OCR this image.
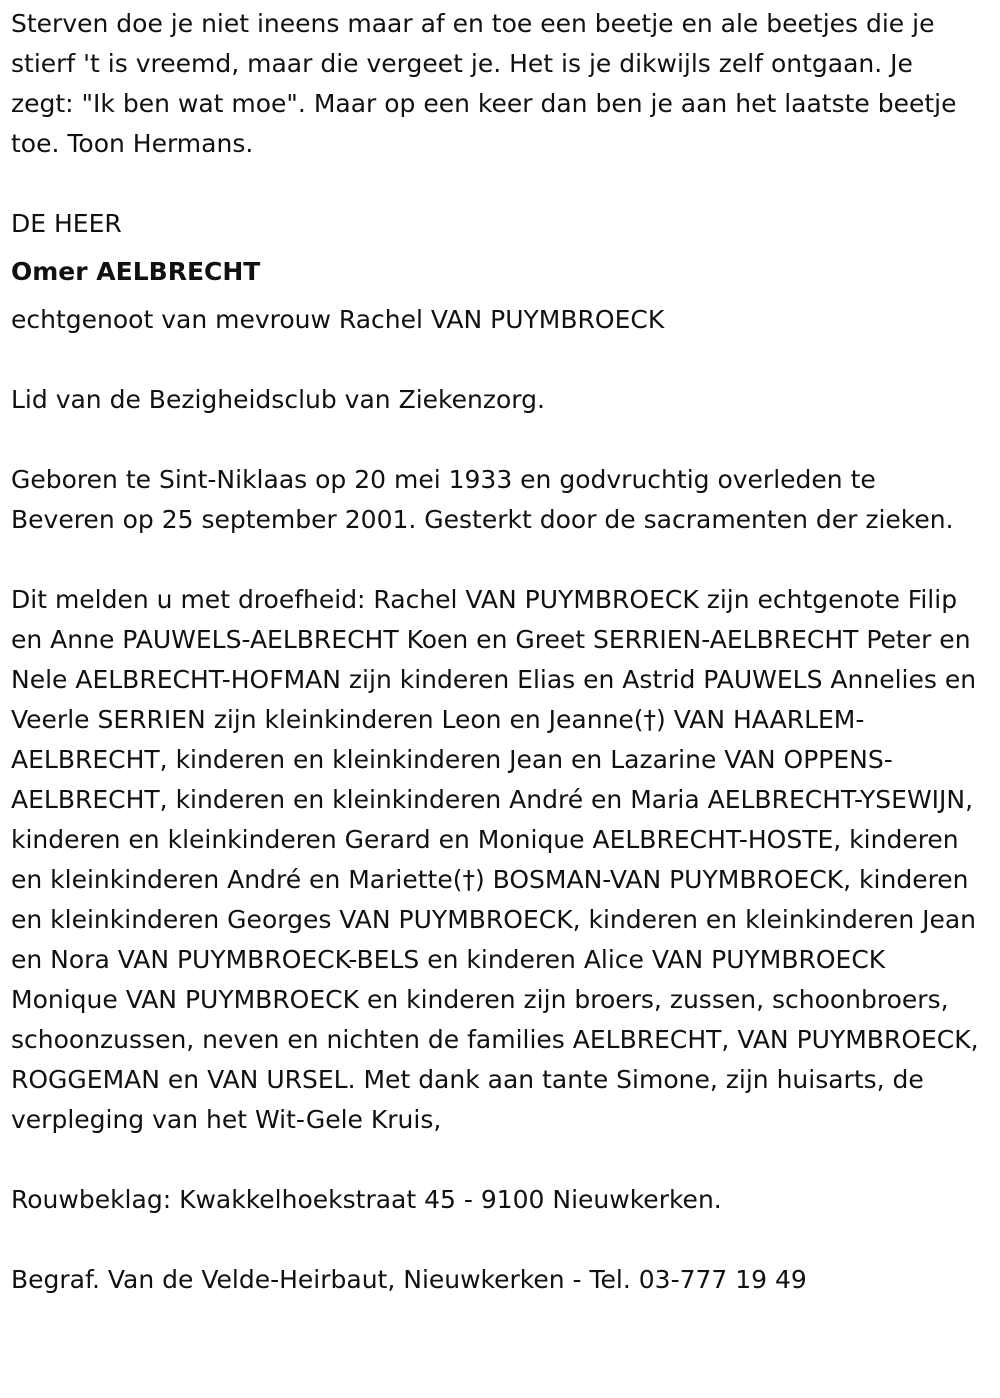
Sterven doe je niet ineens maar af en toe een beetje en ale beetjes die je stierf 't is vreemd, maar die vergeet je. Het is je dikwijls zelf ontgaan. Je zegt: "Ik ben wat moe". Maar op een keer dan ben je aan het laatste beetje toe. Toon Hermans.

DE HEER

Omer AELBRECHT

echtgenoot van mevrouw Rachel VAN PUYMBROECK

Lid van de Bezigheidsclub van Ziekenzorg.

Geboren te Sint-Niklaas op 20 mei 1933 en godvruchtig overleden te Beveren op 25 september 2001. Gesterkt door de sacramenten der zieken.

Dit melden u met droefheid: Rachel VAN PUYMBROECK zijn echtgenote Filip en Anne PAUWELS-AELBRECHT Koen en Greet SERRIEN-AELBRECHT Peter en Nele AELBRECHT-HOFMAN zijn kinderen Elias en Astrid PAUWELS Annelies en Veerle SERRIEN zijn kleinkinderen Leon en Jeanne(†) VAN HAARLEM-AELBRECHT, kinderen en kleinkinderen Jean en Lazarine VAN OPPENS-AELBRECHT, kinderen en kleinkinderen André en Maria AELBRECHT-YSEWIJN, kinderen en kleinkinderen Gerard en Monique AELBRECHT-HOSTE, kinderen en kleinkinderen André en Mariette(†) BOSMAN-VAN PUYMBROECK, kinderen en kleinkinderen Georges VAN PUYMBROECK, kinderen en kleinkinderen Jean en Nora VAN PUYMBROECK-BELS en kinderen Alice VAN PUYMBROECK Monique VAN PUYMBROECK en kinderen zijn broers, zussen, schoonbroers, schoonzussen, neven en nichten de families AELBRECHT, VAN PUYMBROECK, ROGGEMAN en VAN URSEL. Met dank aan tante Simone, zijn huisarts, de verpleging van het Wit-Gele Kruis,

Rouwbeklag: Kwakkelhoekstraat 45 - 9100 Nieuwkerken.

Begraf. Van de Velde-Heirbaut, Nieuwkerken - Tel. 03-777 19 49
